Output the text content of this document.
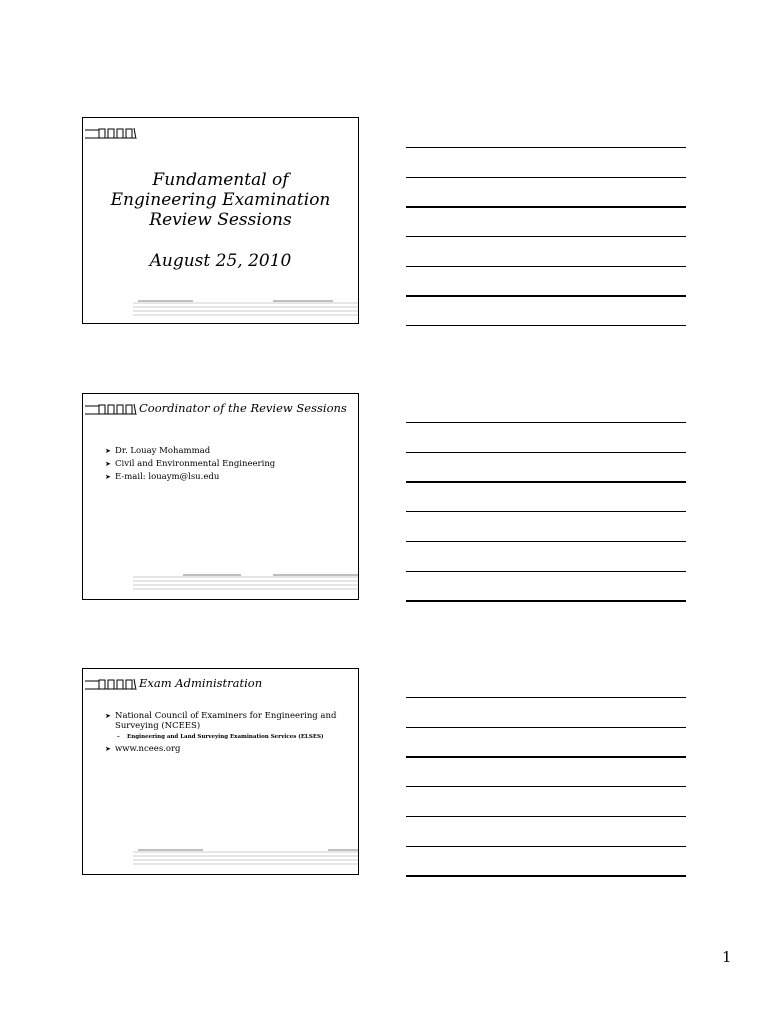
Fundamental of
Engineering Examination
Review Sessions
August 25, 2010
Coordinator of the Review Sessions
➤ Dr. Louay Mohammad
➤ Civil and Environmental Engineering
➤ E-mail: louaym@lsu.edu
Exam Administration
➤ National Council of Examiners for Engineering and Surveying (NCEES)
– Engineering and Land Surveying Examination Services (ELSES)
➤ www.ncees.org
1
